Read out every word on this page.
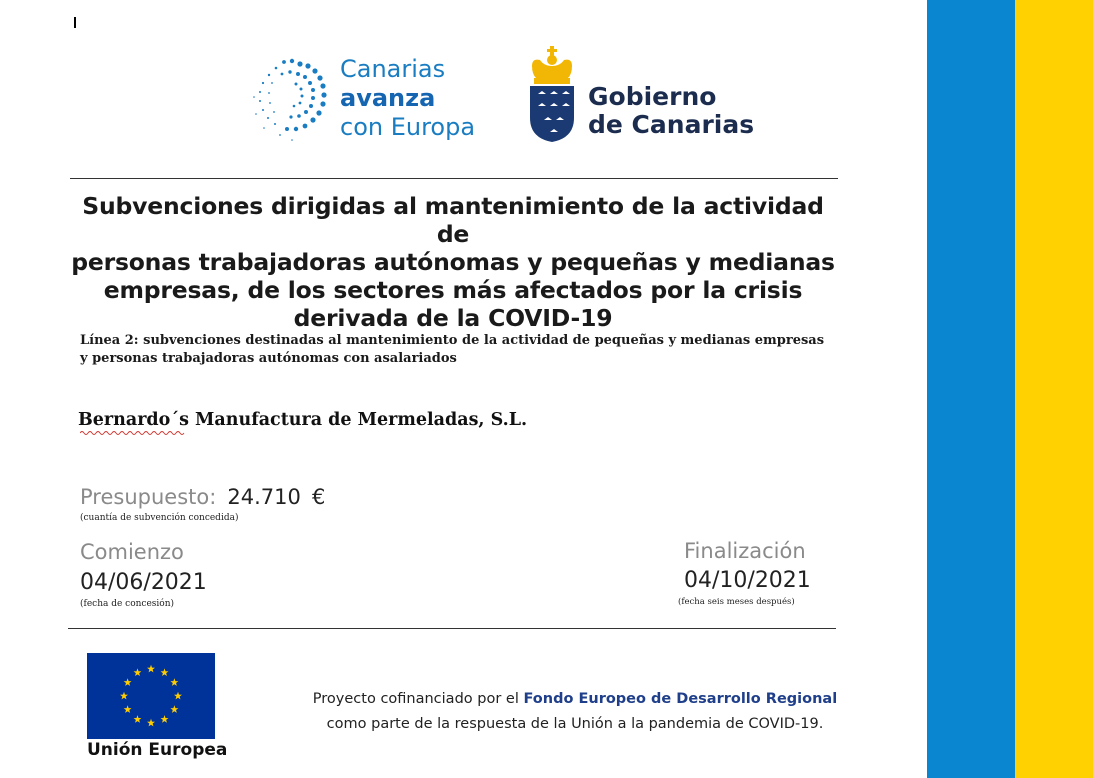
Canarias
avanza
con Europa
Gobierno
de Canarias
Subvenciones dirigidas al mantenimiento de la actividad de
personas trabajadoras autónomas y pequeñas y medianas
empresas, de los sectores más afectados por la crisis
derivada de la COVID-19
Línea 2: subvenciones destinadas al mantenimiento de la actividad de pequeñas y medianas empresas
y personas trabajadoras autónomas con asalariados
Bernardo´s Manufactura de Mermeladas, S.L.
Presupuesto: 24.710 €
(cuantía de subvención concedida)
Comienzo
04/06/2021
(fecha de concesión)
Finalización
04/10/2021
(fecha seis meses después)
Unión Europea
Proyecto cofinanciado por el Fondo Europeo de Desarrollo Regional
como parte de la respuesta de la Unión a la pandemia de COVID-19.
